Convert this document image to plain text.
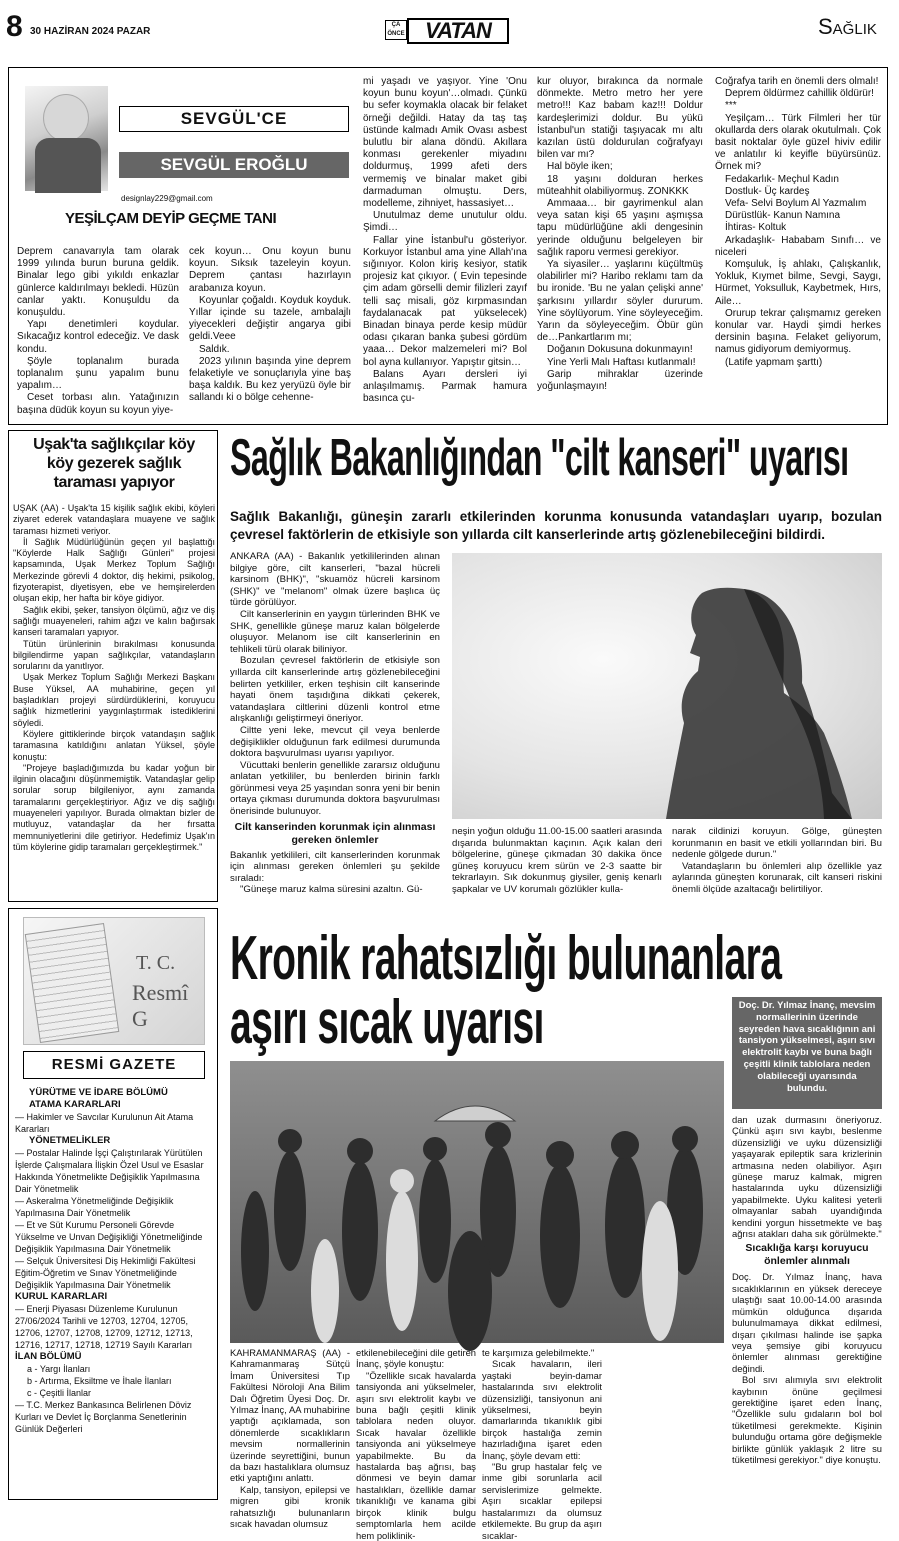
8 30 HAZİRAN 2024 PAZAR
ÇA ÖNCE VATAN	Sağlık
SEVGÜL'CE
SEVGÜL EROĞLU
designlay229@gmail.com
YEŞİLÇAM DEYİP GEÇME TANI

Deprem canavarıyla tam olarak 1999 yılında burun buruna geldik. Binalar lego gibi yıkıldı enkazlar günlerce kaldırılmayı bekledi. Hüzün canlar yaktı. Konuşuldu da konuşuldu.

Yapı denetimleri koydular. Sıkacağız kontrol edeceğiz. Ve dask kondu.

Şöyle toplanalım burada toplanalım şunu yapalım bunu yapalım…

Ceset torbası alın. Yatağınızın başına düdük koyun su koyun yiye-

cek koyun… Onu koyun bunu koyun. Sıksık tazeleyin koyun. Deprem çantası hazırlayın arabanıza koyun.

Koyunlar çoğaldı. Koyduk koyduk. Yıllar içinde su tazele, ambalajlı yiyecekleri değiştir angarya gibi geldi.Veee

Saldık.

2023 yılının başında yine deprem felaketiyle ve sonuçlarıyla yine baş başa kaldık. Bu kez yeryüzü öyle bir sallandı ki o bölge cehenne-

mi yaşadı ve yaşıyor. Yine 'Onu koyun bunu koyun'…olmadı. Çünkü bu sefer koymakla olacak bir felaket örneği değildi. Hatay da taş taş üstünde kalmadı Amik Ovası asbest bulutlu bir alana döndü. Akıllara konması gerekenler miyadını doldurmuş, 1999 afeti ders vermemiş ve binalar maket gibi darmaduman olmuştu. Ders, modelleme, zihniyet, hassasiyet…

Unutulmaz deme unutulur oldu. Şimdi…

Fallar yine İstanbul'u gösteriyor. Korkuyor İstanbul ama yine Allah'ına sığınıyor. Kolon kiriş kesiyor, statik projesiz kat çıkıyor. ( Evin tepesinde çim adam görselli demir filizleri zayıf telli saç misali, göz kırpmasından faydalanacak pat yükselecek) Binadan binaya perde kesip müdür odası çıkaran banka şubesi gördüm yaaa… Dekor malzemeleri mi? Bol bol ayna kullanıyor. Yapıştır gitsin…

Balans Ayarı dersleri iyi anlaşılmamış. Parmak hamura basınca çu-

kur oluyor, bırakınca da normale dönmekte. Metro metro her yere metro!!! Kaz babam kaz!!! Doldur kardeşlerimizi doldur. Bu yükü İstanbul'un statiği taşıyacak mı altı kazılan üstü doldurulan coğrafyayı bilen var mı?

Hal böyle iken;

18 yaşını dolduran herkes müteahhit olabiliyormuş. ZONKKK

Ammaaa… bir gayrimenkul alan veya satan kişi 65 yaşını aşmışsa tapu müdürlüğüne akli dengesinin yerinde olduğunu belgeleyen bir sağlık raporu vermesi gerekiyor.

Ya siyasiler… yaşlarını küçültmüş olabilirler mi? Haribo reklamı tam da bu ironide. 'Bu ne yalan çelişki anne' şarkısını yıllardır söyler dururum. Yine söylüyorum. Yine söyleyeceğim. Yarın da söyleyeceğim. Öbür gün de…Pankartlarım mı;

Doğanın Dokusuna dokunmayın!

Yine Yerli Malı Haftası kutlanmalı!

Garip mihraklar üzerinde yoğunlaşmayın!

Coğrafya tarih en önemli ders olmalı!

Deprem öldürmez cahillik öldürür!

***

Yeşilçam… Türk Filmleri her tür okullarda ders olarak okutulmalı. Çok basit noktalar öyle güzel hiviv edilir ve anlatılır ki keyifle büyürsünüz. Örnek mi?

Fedakarlık- Meçhul Kadın

Dostluk- Üç kardeş

Vefa- Selvi Boylum Al Yazmalım

Dürüstlük- Kanun Namına

İhtiras- Koltuk

Arkadaşlık- Hababam Sınıfı… ve niceleri

Komşuluk, İş ahlakı, Çalışkanlık, Yokluk, Kıymet bilme, Sevgi, Saygı, Hürmet, Yoksulluk, Kaybetmek, Hırs, Aile…

Orurup tekrar çalışmamız gereken konular var. Haydi şimdi herkes dersinin başına. Felaket geliyorum, namus gidiyorum demiyormuş.

(Latife yapmam şarttı)

Uşak'ta sağlıkçılar köy köy gezerek sağlık taraması yapıyor

UŞAK (AA) - Uşak'ta 15 kişilik sağlık ekibi, köyleri ziyaret ederek vatandaşlara muayene ve sağlık taraması hizmeti veriyor.

İl Sağlık Müdürlüğünün geçen yıl başlattığı "Köylerde Halk Sağlığı Günleri" projesi kapsamında, Uşak Merkez Toplum Sağlığı Merkezinde görevli 4 doktor, diş hekimi, psikolog, fizyoterapist, diyetisyen, ebe ve hemşirelerden oluşan ekip, her hafta bir köye gidiyor.

Sağlık ekibi, şeker, tansiyon ölçümü, ağız ve diş sağlığı muayeneleri, rahim ağzı ve kalın bağırsak kanseri taramaları yapıyor.

Tütün ürünlerinin bırakılması konusunda bilgilendirme yapan sağlıkçılar, vatandaşların sorularını da yanıtlıyor.

Uşak Merkez Toplum Sağlığı Merkezi Başkanı Buse Yüksel, AA muhabirine, geçen yıl başladıkları projeyi sürdürdüklerini, koruyucu sağlık hizmetlerini yaygınlaştırmak istediklerini söyledi.

Köylere gittiklerinde birçok vatandaşın sağlık taramasına katıldığını anlatan Yüksel, şöyle konuştu:

"Projeye başladığımızda bu kadar yoğun bir ilginin olacağını düşünmemiştik. Vatandaşlar gelip sorular sorup bilgileniyor, aynı zamanda taramalarını gerçekleştiriyor. Ağız ve diş sağlığı muayeneleri yapılıyor. Burada olmaktan bizler de mutluyuz, vatandaşlar da her fırsatta memnuniyetlerini dile getiriyor. Hedefimiz Uşak'ın tüm köylerine gidip taramaları gerçekleştirmek."

Sağlık Bakanlığından "cilt kanseri" uyarısı
Sağlık Bakanlığı, güneşin zararlı etkilerinden korunma konusunda vatandaşları uyarıp, bozulan çevresel faktörlerin de etkisiyle son yıllarda cilt kanserlerinde artış gözlenebileceğini bildirdi.

ANKARA (AA) - Bakanlık yetkililerinden alınan bilgiye göre, cilt kanserleri, "bazal hücreli karsinom (BHK)", "skuamöz hücreli karsinom (SHK)" ve "melanom" olmak üzere başlıca üç türde görülüyor.

Cilt kanserlerinin en yaygın türlerinden BHK ve SHK, genellikle güneşe maruz kalan bölgelerde oluşuyor. Melanom ise cilt kanserlerinin en tehlikeli türü olarak biliniyor.

Bozulan çevresel faktörlerin de etkisiyle son yıllarda cilt kanserlerinde artış gözlenebileceğini belirten yetkililer, erken teşhisin cilt kanserinde hayati önem taşıdığına dikkati çekerek, vatandaşlara ciltlerini düzenli kontrol etme alışkanlığı geliştirmeyi öneriyor.

Ciltte yeni leke, mevcut çil veya benlerde değişiklikler olduğunun fark edilmesi durumunda doktora başvurulması uyarısı yapılıyor.

Vücuttaki benlerin genellikle zararsız olduğunu anlatan yetkililer, bu benlerden birinin farklı görünmesi veya 25 yaşından sonra yeni bir benin ortaya çıkması durumunda doktora başvurulması önerisinde bulunuyor.

Cilt kanserinden korunmak için alınması gereken önlemler

Bakanlık yetkilileri, cilt kanserlerinden korunmak için alınması gereken önlemleri şu şekilde sıraladı:

"Güneşe maruz kalma süresini azaltın. Gü-

neşin yoğun olduğu 11.00-15.00 saatleri arasında dışarıda bulunmaktan kaçının. Açık kalan deri bölgelerine, güneşe çıkmadan 30 dakika önce güneş koruyucu krem sürün ve 2-3 saatte bir tekrarlayın. Sık dokunmuş giysiler, geniş kenarlı şapkalar ve UV korumalı gözlükler kulla-

narak cildinizi koruyun. Gölge, güneşten korunmanın en basit ve etkili yollarından biri. Bu nedenle gölgede durun."

Vatandaşların bu önlemleri alıp özellikle yaz aylarında güneşten korunarak, cilt kanseri riskini önemli ölçüde azaltacağı belirtiliyor.

T. C.
Resmî G
RESMİ GAZETE
YÜRÜTME VE İDARE BÖLÜMÜ
ATAMA KARARLARI
— Hakimler ve Savcılar Kurulunun Ait Atama Kararları
YÖNETMELİKLER
— Postalar Halinde İşçi Çalıştırılarak Yürütülen İşlerde Çalışmalara İlişkin Özel Usul ve Esaslar Hakkında Yönetmelikte Değişiklik Yapılmasına Dair Yönetmelik
— Askeralma Yönetmeliğinde Değişiklik Yapılmasına Dair Yönetmelik
— Et ve Süt Kurumu Personeli Görevde Yükselme ve Unvan Değişikliği Yönetmeliğinde Değişiklik Yapılmasına Dair Yönetmelik
— Selçuk Üniversitesi Diş Hekimliği Fakültesi Eğitim-Öğretim ve Sınav Yönetmeliğinde Değişiklik Yapılmasına Dair Yönetmelik
KURUL KARARLARI
— Enerji Piyasası Düzenleme Kurulunun 27/06/2024 Tarihli ve 12703, 12704, 12705, 12706, 12707, 12708, 12709, 12712, 12713, 12716, 12717, 12718, 12719 Sayılı Kararları
İLAN BÖLÜMÜ
a - Yargı İlanları
b - Artırma, Eksiltme ve İhale İlanları
c - Çeşitli İlanlar
— T.C. Merkez Bankasınca Belirlenen Döviz Kurları ve Devlet İç Borçlanma Senetlerinin Günlük Değerleri
Kronik rahatsızlığı bulunanlara
aşırı sıcak uyarısı	Doç. Dr. Yılmaz İnanç, mevsim normallerinin üzerinde seyreden hava sıcaklığının ani tansiyon yükselmesi, aşırı sıvı elektrolit kaybı ve buna bağlı çeşitli klinik tablolara neden olabileceği uyarısında bulundu.

KAHRAMANMARAŞ (AA) - Kahramanmaraş Sütçü İmam Üniversitesi Tıp Fakültesi Nöroloji Ana Bilim Dalı Öğretim Üyesi Doç. Dr. Yılmaz İnanç, AA muhabirine yaptığı açıklamada, son dönemlerde sıcaklıkların mevsim normallerinin üzerinde seyrettiğini, bunun da bazı hastalıklara olumsuz etki yaptığını anlattı.

Kalp, tansiyon, epilepsi ve migren gibi kronik rahatsızlığı bulunanların sıcak havadan olumsuz

etkilenebileceğini dile getiren İnanç, şöyle konuştu:

"Özellikle sıcak havalarda tansiyonda ani yükselmeler, aşırı sıvı elektrolit kaybı ve buna bağlı çeşitli klinik tablolara neden oluyor. Sıcak havalar özellikle tansiyonda ani yükselmeye yapabilmekte. Bu da hastalarda baş ağrısı, baş dönmesi ve beyin damar hastalıkları, özellikle damar tıkanıklığı ve kanama gibi birçok klinik bulgu semptomlarla hem acilde hem poliklinik-

te karşımıza gelebilmekte."

Sıcak havaların, ileri yaştaki beyin-damar hastalarında sıvı elektrolit düzensizliği, tansiyonun ani yükselmesi, beyin damarlarında tıkanıklık gibi birçok hastalığa zemin hazırladığına işaret eden İnanç, şöyle devam etti:

"Bu grup hastalar felç ve inme gibi sorunlarla acil servislerimize gelmekte. Aşırı sıcaklar epilepsi hastalarımızı da olumsuz etkilemekte. Bu grup da aşırı sıcaklar-

dan uzak durmasını öneriyoruz. Çünkü aşırı sıvı kaybı, beslenme düzensizliği ve uyku düzensizliği yaşayarak epileptik sara krizlerinin artmasına neden olabiliyor. Aşırı güneşe maruz kalmak, migren hastalarında uyku düzensizliği yapabilmekte. Uyku kalitesi yeterli olmayanlar sabah uyandığında kendini yorgun hissetmekte ve baş ağrısı atakları daha sık görülmekte."

Sıcaklığa karşı koruyucu önlemler alınmalı

Doç. Dr. Yılmaz İnanç, hava sıcaklıklarının en yüksek dereceye ulaştığı saat 10.00-14.00 arasında mümkün olduğunca dışarıda bulunulmamaya dikkat edilmesi, dışarı çıkılması halinde ise şapka veya şemsiye gibi koruyucu önlemler alınması gerektiğine değindi.

Bol sıvı alımıyla sıvı elektrolit kaybının önüne geçilmesi gerektiğine işaret eden İnanç, "Özellikle sulu gıdaların bol bol tüketilmesi gerekmekte. Kişinin bulunduğu ortama göre değişmekle birlikte günlük yaklaşık 2 litre su tüketilmesi gerekiyor." diye konuştu.
